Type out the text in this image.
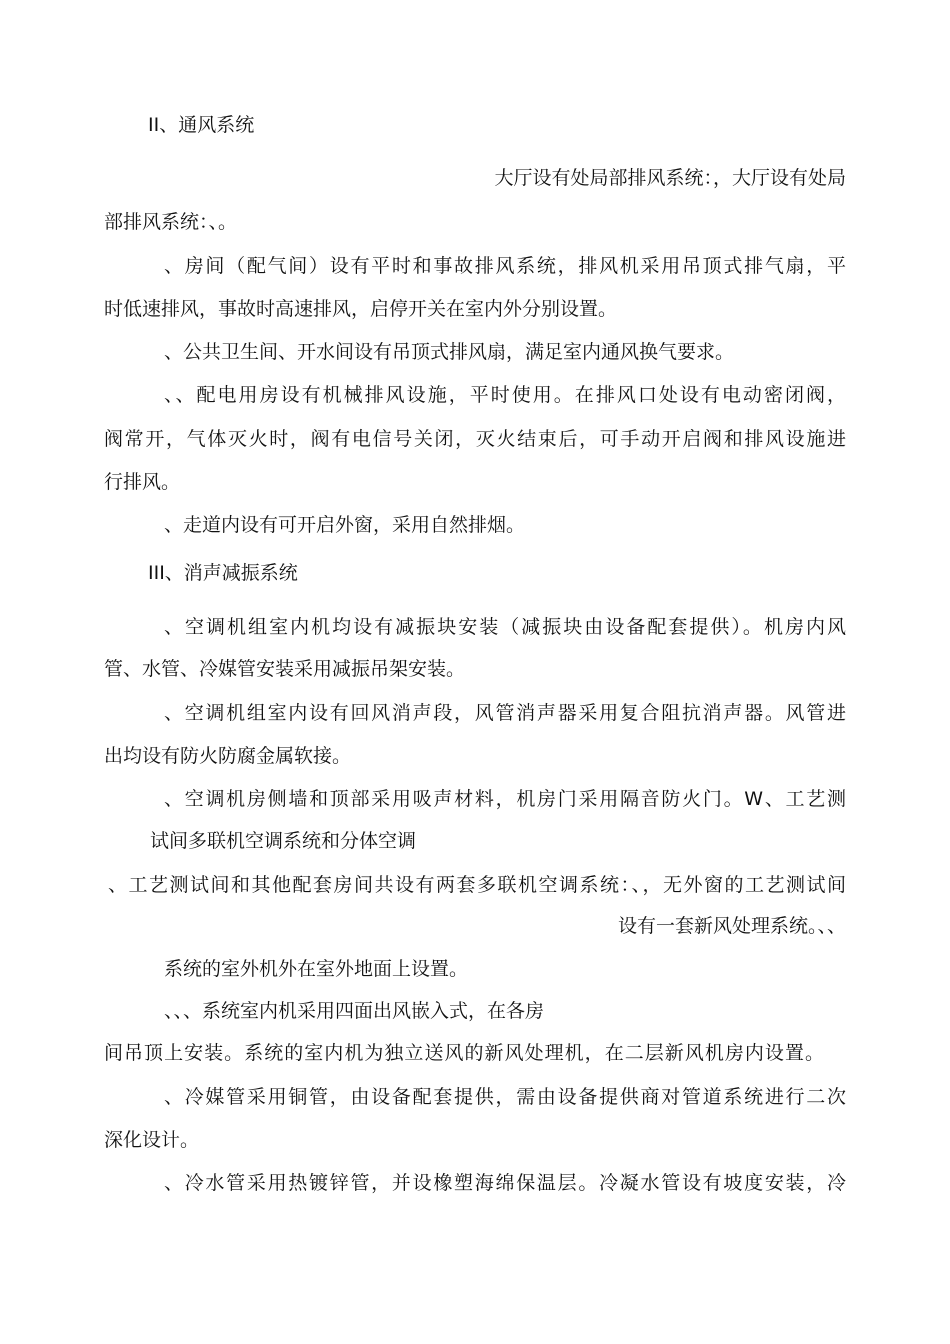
II、通风系统
大厅设有处局部排风系统：，大厅设有处局
部排风系统：、。
、房间（配气间）设有平时和事故排风系统，排风机采用吊顶式排气扇，平
时低速排风，事故时高速排风，启停开关在室内外分别设置。
、公共卫生间、开水间设有吊顶式排风扇，满足室内通风换气要求。
、、配电用房设有机械排风设施，平时使用。在排风口处设有电动密闭阀，
阀常开，气体灭火时，阀有电信号关闭，灭火结束后，可手动开启阀和排风设施进
行排风。
、走道内设有可开启外窗，采用自然排烟。
III、消声减振系统
、空调机组室内机均设有减振块安装（减振块由设备配套提供）。机房内风
管、水管、冷媒管安装采用减振吊架安装。
、空调机组室内设有回风消声段，风管消声器采用复合阻抗消声器。风管进
出均设有防火防腐金属软接。
、空调机房侧墙和顶部采用吸声材料，机房门采用隔音防火门。W、工艺测
试间多联机空调系统和分体空调
、工艺测试间和其他配套房间共设有两套多联机空调系统：、，无外窗的工艺测试间
设有一套新风处理系统。、、
系统的室外机外在室外地面上设置。
、、、系统室内机采用四面出风嵌入式，在各房
间吊顶上安装。系统的室内机为独立送风的新风处理机，在二层新风机房内设置。
、冷媒管采用铜管，由设备配套提供，需由设备提供商对管道系统进行二次
深化设计。
、冷水管采用热镀锌管，并设橡塑海绵保温层。冷凝水管设有坡度安装，冷
